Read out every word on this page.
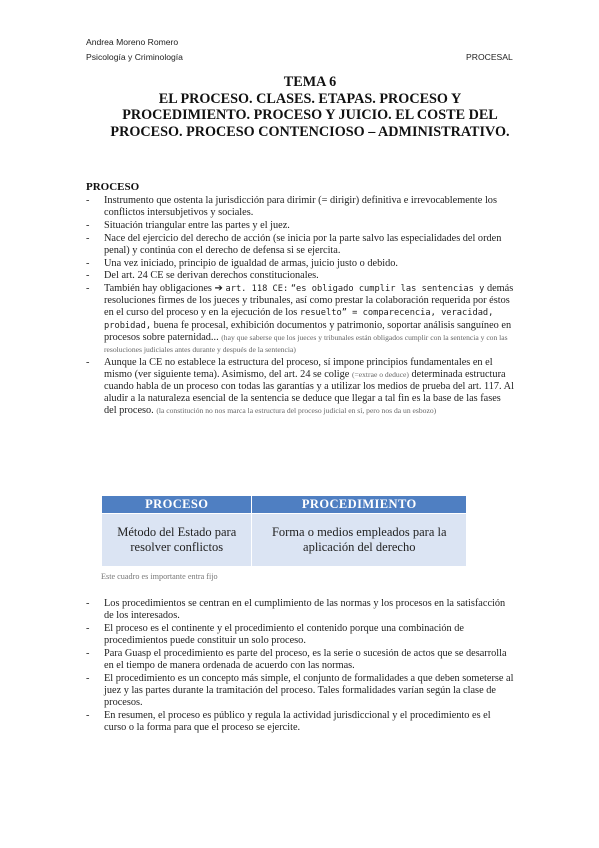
Andrea Moreno Romero
Psicología y Criminología	PROCESAL
TEMA 6
EL PROCESO. CLASES. ETAPAS. PROCESO Y PROCEDIMIENTO. PROCESO Y JUICIO. EL COSTE DEL PROCESO. PROCESO CONTENCIOSO – ADMINISTRATIVO.
PROCESO
- Instrumento que ostenta la jurisdicción para dirimir (= dirigir) definitiva e irrevocablemente los conflictos intersubjetivos y sociales.
- Situación triangular entre las partes y el juez.
- Nace del ejercicio del derecho de acción (se inicia por la parte salvo las especialidades del orden penal) y continúa con el derecho de defensa si se ejercita.
- Una vez iniciado, principio de igualdad de armas, juicio justo o debido.
- Del art. 24 CE se derivan derechos constitucionales.
- También hay obligaciones ➔ art. 118 CE: “es obligado cumplir las sentencias y demás resoluciones firmes de los jueces y tribunales, así como prestar la colaboración requerida por éstos en el curso del proceso y en la ejecución de los resuelto” = comparecencia, veracidad, probidad, buena fe procesal, exhibición documentos y patrimonio, soportar análisis sanguíneo en procesos sobre paternidad... (hay que saberse que los jueces y tribunales están obligados cumplir con la sentencia y con las resoluciones judiciales antes durante y después de la sentencia)
- Aunque la CE no establece la estructura del proceso, sí impone principios fundamentales en el mismo (ver siguiente tema). Asimismo, del art. 24 se colige (=extrae o deduce) determinada estructura cuando habla de un proceso con todas las garantías y a utilizar los medios de prueba del art. 117. Al aludir a la naturaleza esencial de la sentencia se deduce que llegar a tal fin es la base de las fases del proceso. (la constitución no nos marca la estructura del proceso judicial en sí, pero nos da un esbozo)
PROCESO	PROCEDIMIENTO
Método del Estado para resolver conflictos	Forma o medios empleados para la aplicación del derecho
Este cuadro es importante entra fijo
- Los procedimientos se centran en el cumplimiento de las normas y los procesos en la satisfacción de los interesados.
- El proceso es el continente y el procedimiento el contenido porque una combinación de procedimientos puede constituir un solo proceso.
- Para Guasp el procedimiento es parte del proceso, es la serie o sucesión de actos que se desarrolla en el tiempo de manera ordenada de acuerdo con las normas.
- El procedimiento es un concepto más simple, el conjunto de formalidades a que deben someterse al juez y las partes durante la tramitación del proceso. Tales formalidades varían según la clase de procesos.
- En resumen, el proceso es público y regula la actividad jurisdiccional y el procedimiento es el curso o la forma para que el proceso se ejercite.
